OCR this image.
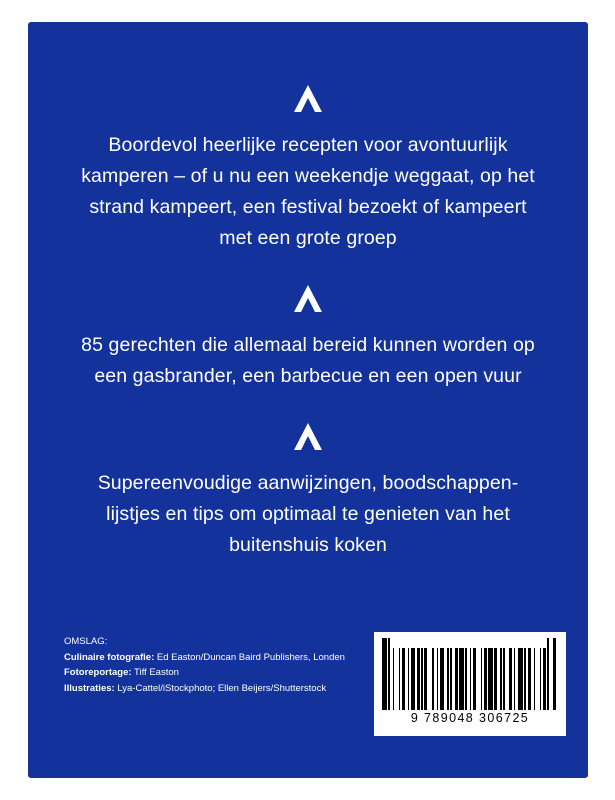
Boordevol heerlijke recepten voor avontuurlijk kamperen – of u nu een weekendje weggaat, op het strand kampeert, een festival bezoekt of kampeert met een grote groep
85 gerechten die allemaal bereid kunnen worden op een gasbrander, een barbecue en een open vuur
Supereenvoudige aanwijzingen, boodschappen-lijstjes en tips om optimaal te genieten van het buitenshuis koken
OMSLAG:
Culinaire fotografie: Ed Easton/Duncan Baird Publishers, Londen
Fotoreportage: Tiff Easton
Illustraties: Lya-Cattel/iStockphoto; Ellen Beijers/Shutterstock
9 789048 306725
